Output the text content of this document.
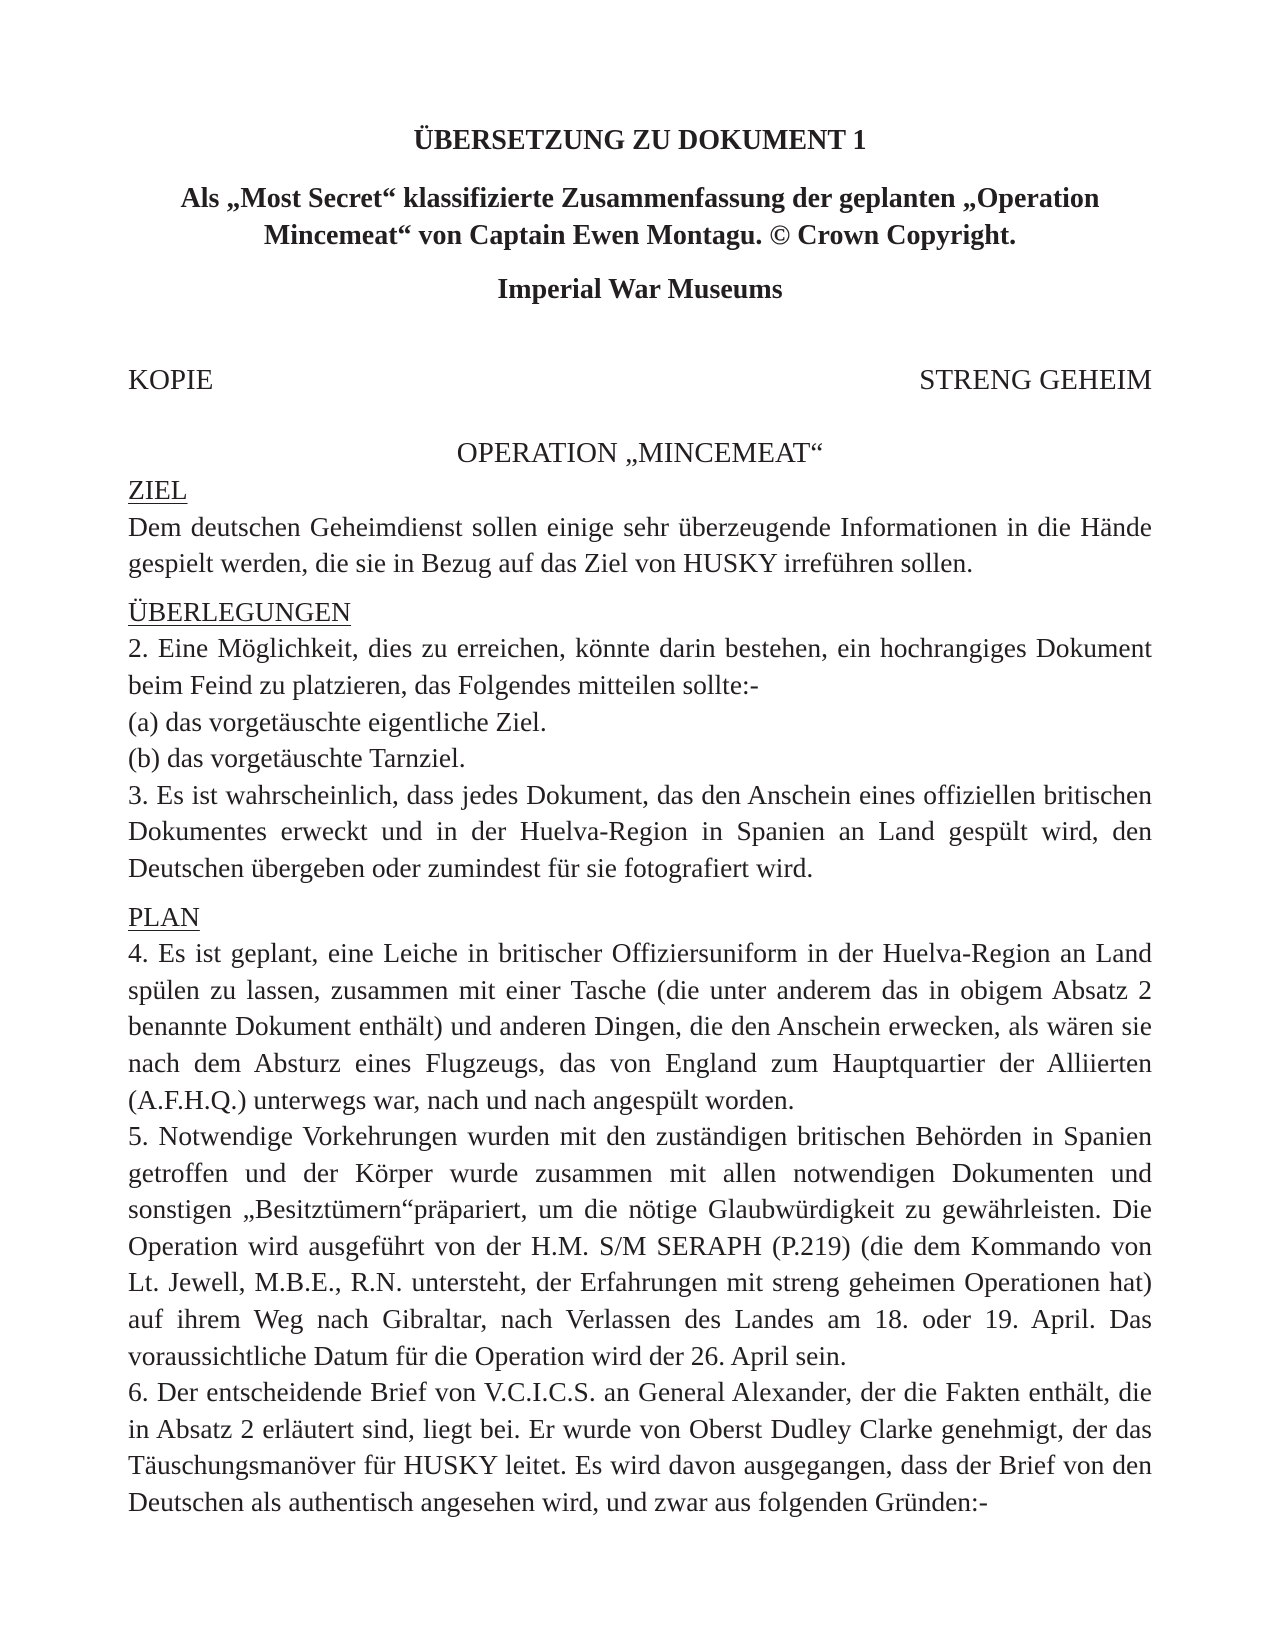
ÜBERSETZUNG ZU DOKUMENT 1
Als „Most Secret“ klassifizierte Zusammenfassung der geplanten „Operation
Mincemeat“ von Captain Ewen Montagu. © Crown Copyright.
Imperial War Museums

KOPIE	STRENG GEHEIM

OPERATION „MINCEMEAT“

ZIEL

Dem deutschen Geheimdienst sollen einige sehr überzeugende Informationen in die Hände gespielt werden, die sie in Bezug auf das Ziel von HUSKY irreführen sollen.

ÜBERLEGUNGEN

2. Eine Möglichkeit, dies zu erreichen, könnte darin bestehen, ein hochrangiges Dokument beim Feind zu platzieren, das Folgendes mitteilen sollte:-

(a) das vorgetäuschte eigentliche Ziel.

(b) das vorgetäuschte Tarnziel.

3. Es ist wahrscheinlich, dass jedes Dokument, das den Anschein eines offiziellen britischen Dokumentes erweckt und in der Huelva-Region in Spanien an Land gespült wird, den Deutschen übergeben oder zumindest für sie fotografiert wird.

PLAN

4. Es ist geplant, eine Leiche in britischer Offiziersuniform in der Huelva-Region an Land spülen zu lassen, zusammen mit einer Tasche (die unter anderem das in obigem Absatz 2 benannte Dokument enthält) und anderen Dingen, die den Anschein erwecken, als wären sie nach dem Absturz eines Flugzeugs, das von England zum Hauptquartier der Alliierten (A.F.H.Q.) unterwegs war, nach und nach angespült worden.

5. Notwendige Vorkehrungen wurden mit den zuständigen britischen Behörden in Spanien getroffen und der Körper wurde zusammen mit allen notwendigen Dokumenten und sonstigen „Besitztümern“präpariert, um die nötige Glaubwürdigkeit zu gewährleisten. Die Operation wird ausgeführt von der H.M. S/M SERAPH (P.219) (die dem Kommando von Lt. Jewell, M.B.E., R.N. untersteht, der Erfahrungen mit streng geheimen Operationen hat) auf ihrem Weg nach Gibraltar, nach Verlassen des Landes am 18. oder 19. April. Das voraussichtliche Datum für die Operation wird der 26. April sein.

6. Der entscheidende Brief von V.C.I.C.S. an General Alexander, der die Fakten enthält, die in Absatz 2 erläutert sind, liegt bei. Er wurde von Oberst Dudley Clarke genehmigt, der das Täuschungsmanöver für HUSKY leitet. Es wird davon ausgegangen, dass der Brief von den Deutschen als authentisch angesehen wird, und zwar aus folgenden Gründen:-
